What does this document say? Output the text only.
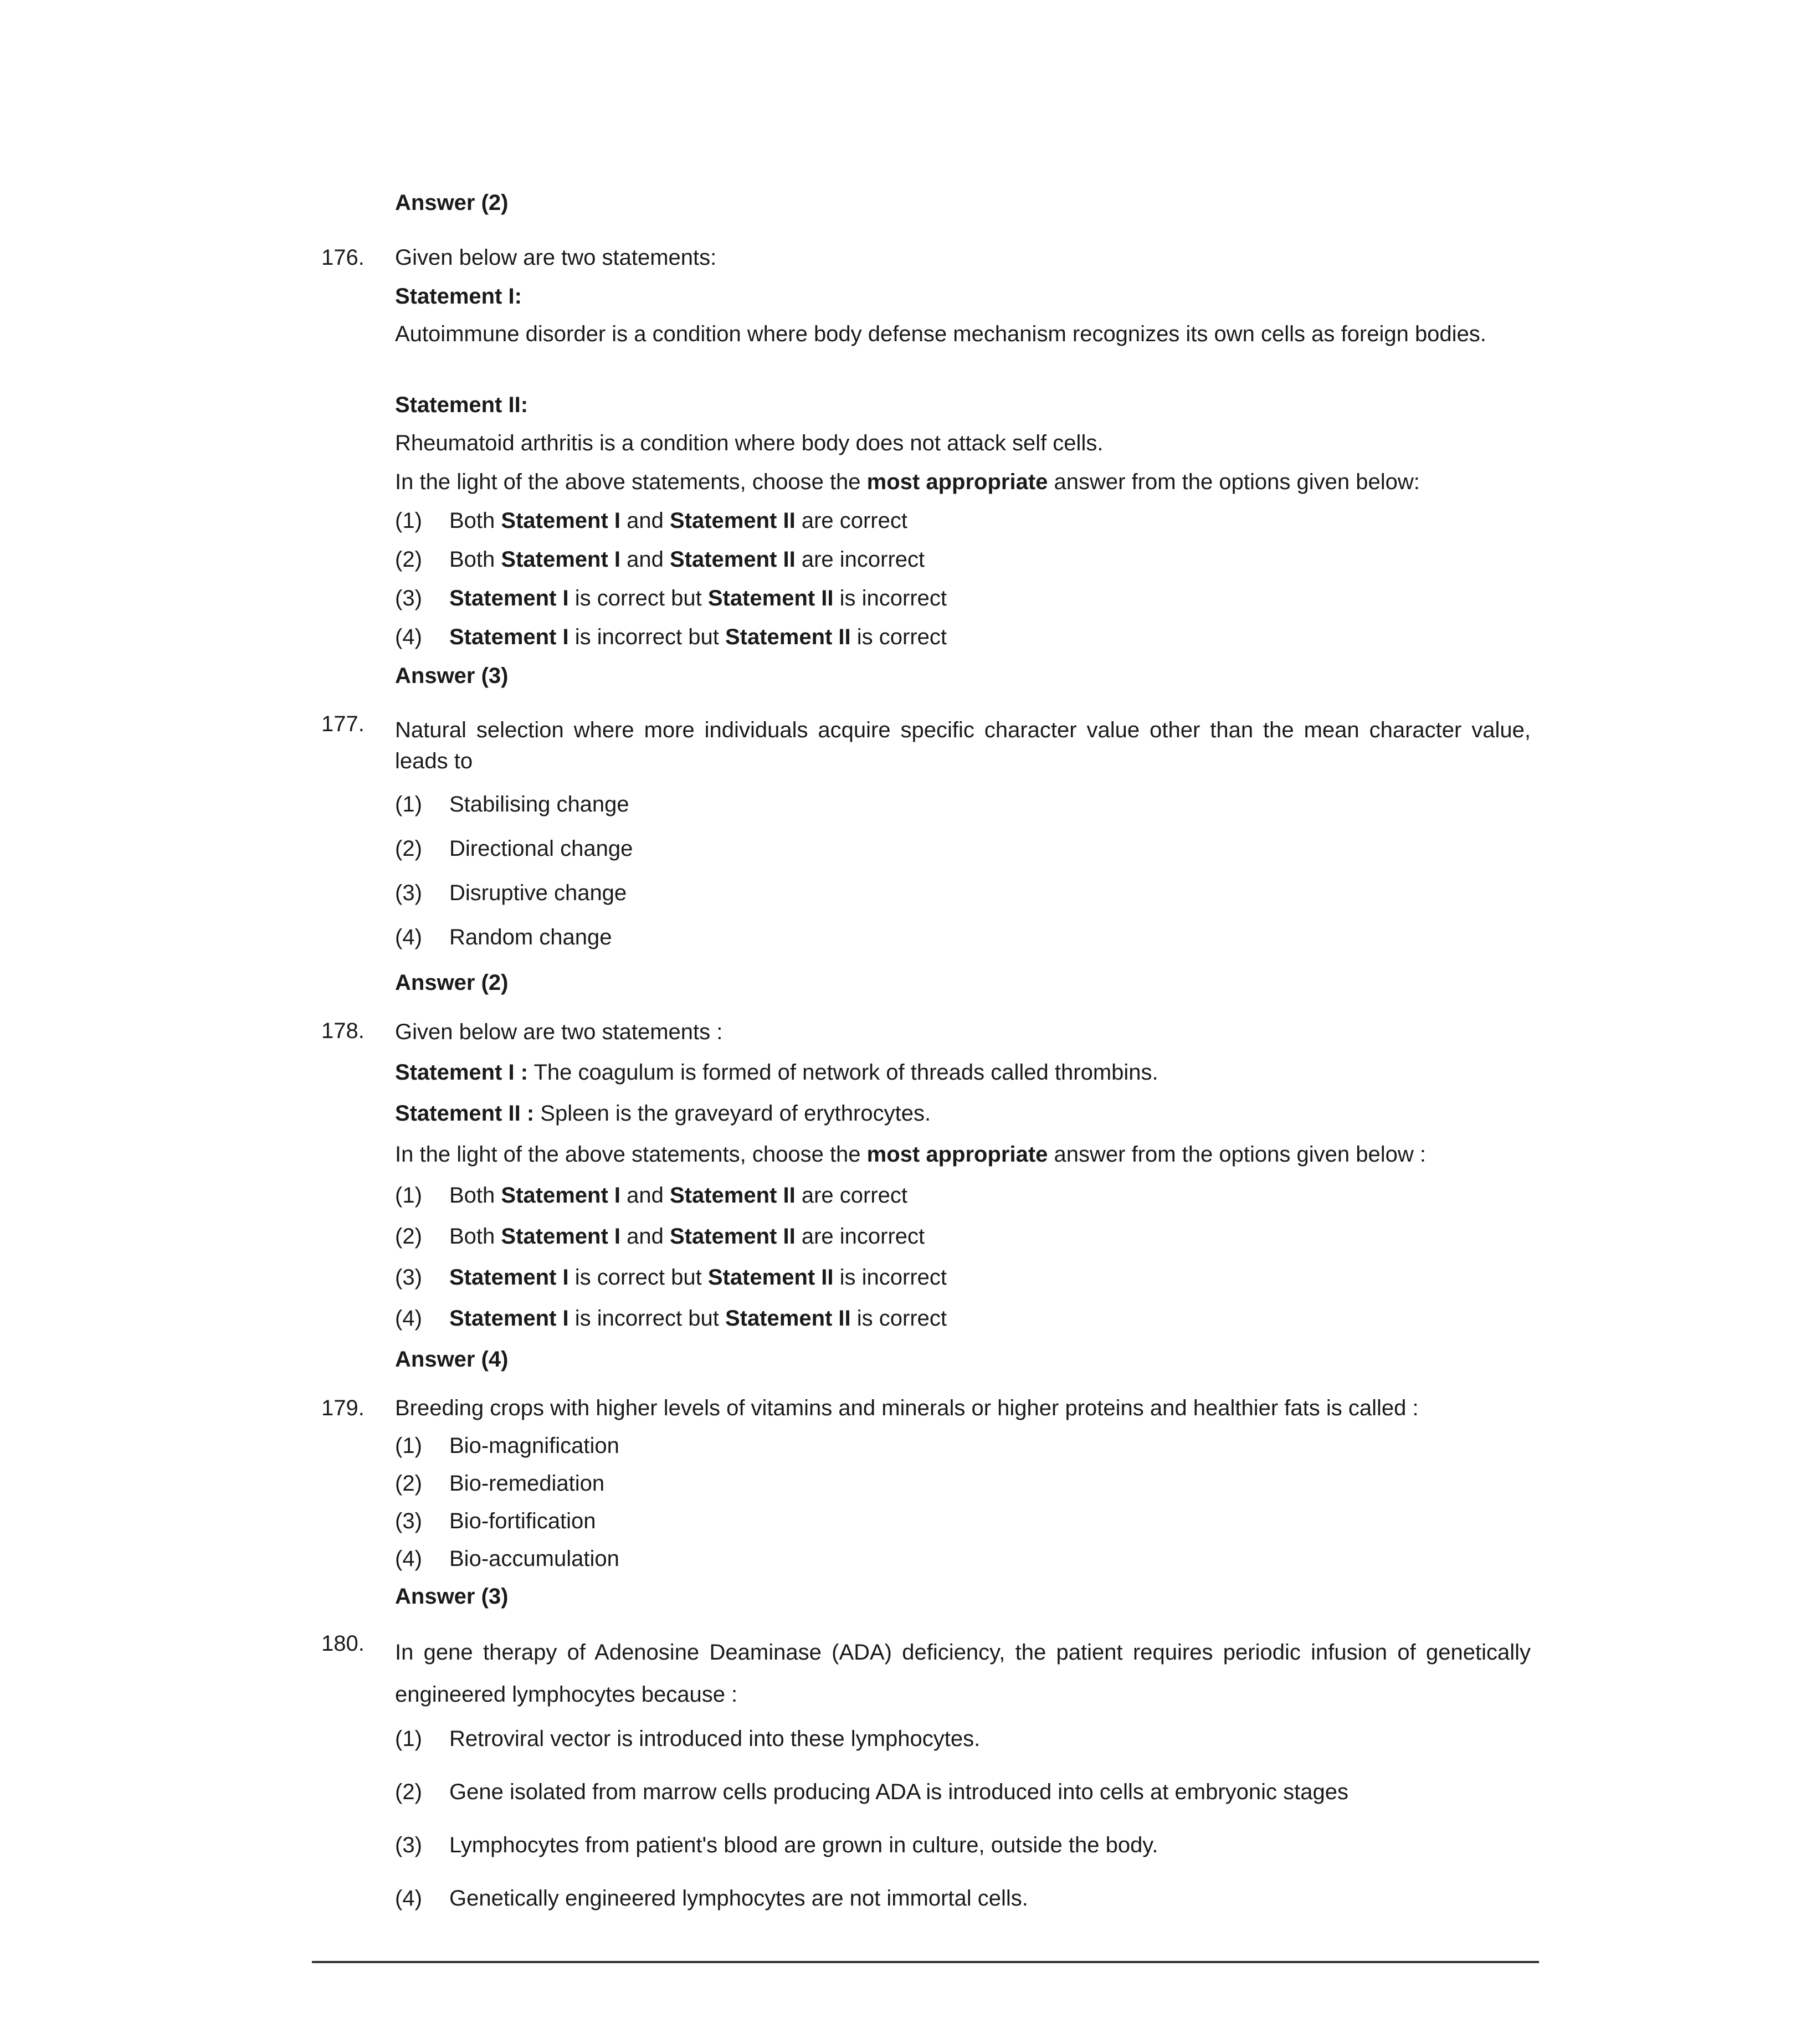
Answer (2)
176.	Given below are two statements:
Statement I:
Autoimmune disorder is a condition where body defense mechanism recognizes its own cells as foreign bodies.
Statement II:
Rheumatoid arthritis is a condition where body does not attack self cells.
In the light of the above statements, choose the most appropriate answer from the options given below:
(1) Both Statement I and Statement II are correct
(2) Both Statement I and Statement II are incorrect
(3) Statement I is correct but Statement II is incorrect
(4) Statement I is incorrect but Statement II is correct
Answer (3)
177.	Natural selection where more individuals acquire specific character value other than the mean character value, leads to
(1) Stabilising change
(2) Directional change
(3) Disruptive change
(4) Random change
Answer (2)
178.	Given below are two statements :
Statement I : The coagulum is formed of network of threads called thrombins.
Statement II : Spleen is the graveyard of erythrocytes.
In the light of the above statements, choose the most appropriate answer from the options given below :
(1) Both Statement I and Statement II are correct
(2) Both Statement I and Statement II are incorrect
(3) Statement I is correct but Statement II is incorrect
(4) Statement I is incorrect but Statement II is correct
Answer (4)
179.	Breeding crops with higher levels of vitamins and minerals or higher proteins and healthier fats is called :
(1) Bio-magnification
(2) Bio-remediation
(3) Bio-fortification
(4) Bio-accumulation
Answer (3)
180.	In gene therapy of Adenosine Deaminase (ADA) deficiency, the patient requires periodic infusion of genetically engineered lymphocytes because :
(1) Retroviral vector is introduced into these lymphocytes.
(2) Gene isolated from marrow cells producing ADA is introduced into cells at embryonic stages
(3) Lymphocytes from patient's blood are grown in culture, outside the body.
(4) Genetically engineered lymphocytes are not immortal cells.
